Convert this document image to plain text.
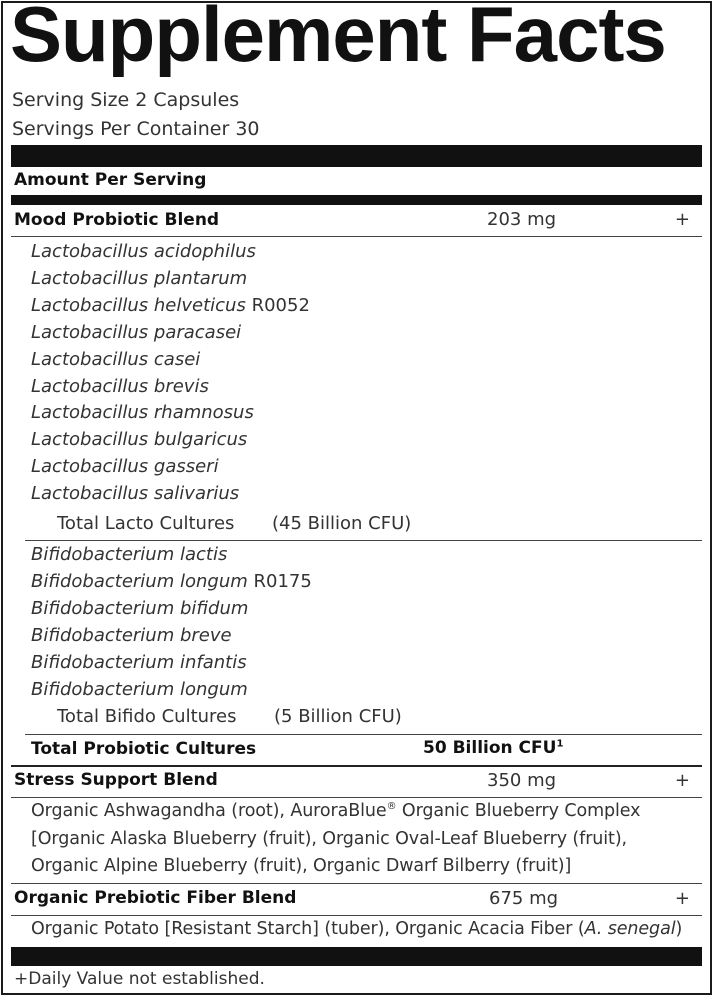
Supplement Facts
Serving Size 2 Capsules
Servings Per Container 30
Amount Per Serving
Mood Probiotic Blend	203 mg	+
Lactobacillus acidophilus
Lactobacillus plantarum
Lactobacillus helveticus R0052
Lactobacillus paracasei
Lactobacillus casei
Lactobacillus brevis
Lactobacillus rhamnosus
Lactobacillus bulgaricus
Lactobacillus gasseri
Lactobacillus salivarius
Total Lacto Cultures (45 Billion CFU)
Bifidobacterium lactis
Bifidobacterium longum R0175
Bifidobacterium bifidum
Bifidobacterium breve
Bifidobacterium infantis
Bifidobacterium longum
Total Bifido Cultures (5 Billion CFU)
Total Probiotic Cultures	50 Billion CFU$^1$
Stress Support Blend	350 mg	+
Organic Ashwagandha (root), AuroraBlue® Organic Blueberry Complex
[Organic Alaska Blueberry (fruit), Organic Oval-Leaf Blueberry (fruit),
Organic Alpine Blueberry (fruit), Organic Dwarf Bilberry (fruit)]
Organic Prebiotic Fiber Blend	675 mg	+
Organic Potato [Resistant Starch] (tuber), Organic Acacia Fiber (A. senegal)
+Daily Value not established.
